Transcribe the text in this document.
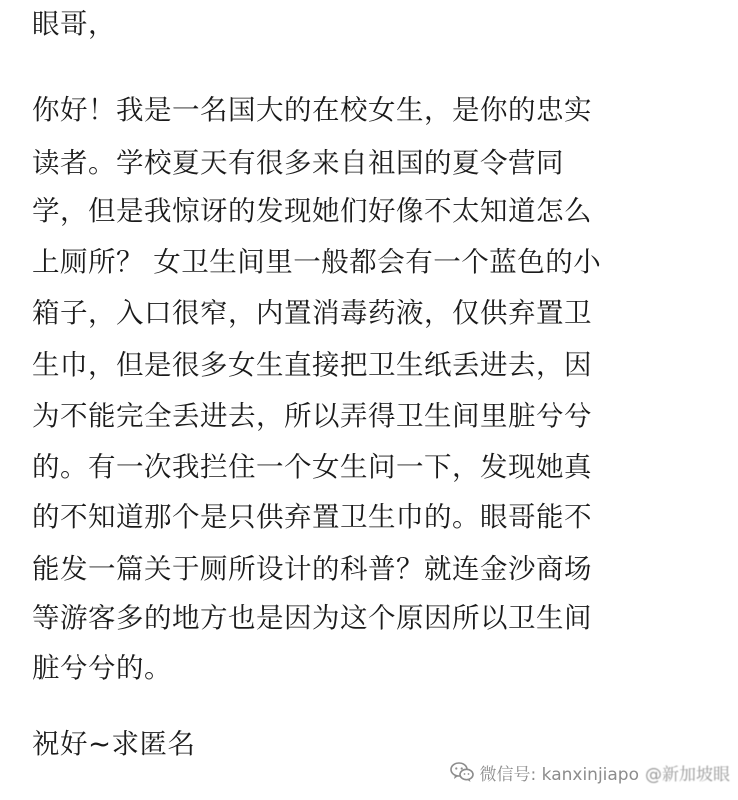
眼哥，
你好！我是一名国大的在校女生，是你的忠实
读者。学校夏天有很多来自祖国的夏令营同
学，但是我惊讶的发现她们好像不太知道怎么
上厕所？ 女卫生间里一般都会有一个蓝色的小
箱子，入口很窄，内置消毒药液，仅供弃置卫
生巾，但是很多女生直接把卫生纸丢进去，因
为不能完全丢进去，所以弄得卫生间里脏兮兮
的。有一次我拦住一个女生问一下，发现她真
的不知道那个是只供弃置卫生巾的。眼哥能不
能发一篇关于厕所设计的科普？就连金沙商场
等游客多的地方也是因为这个原因所以卫生间
脏兮兮的。
祝好~求匿名
微信号: kanxinjiapo @新加坡眼
